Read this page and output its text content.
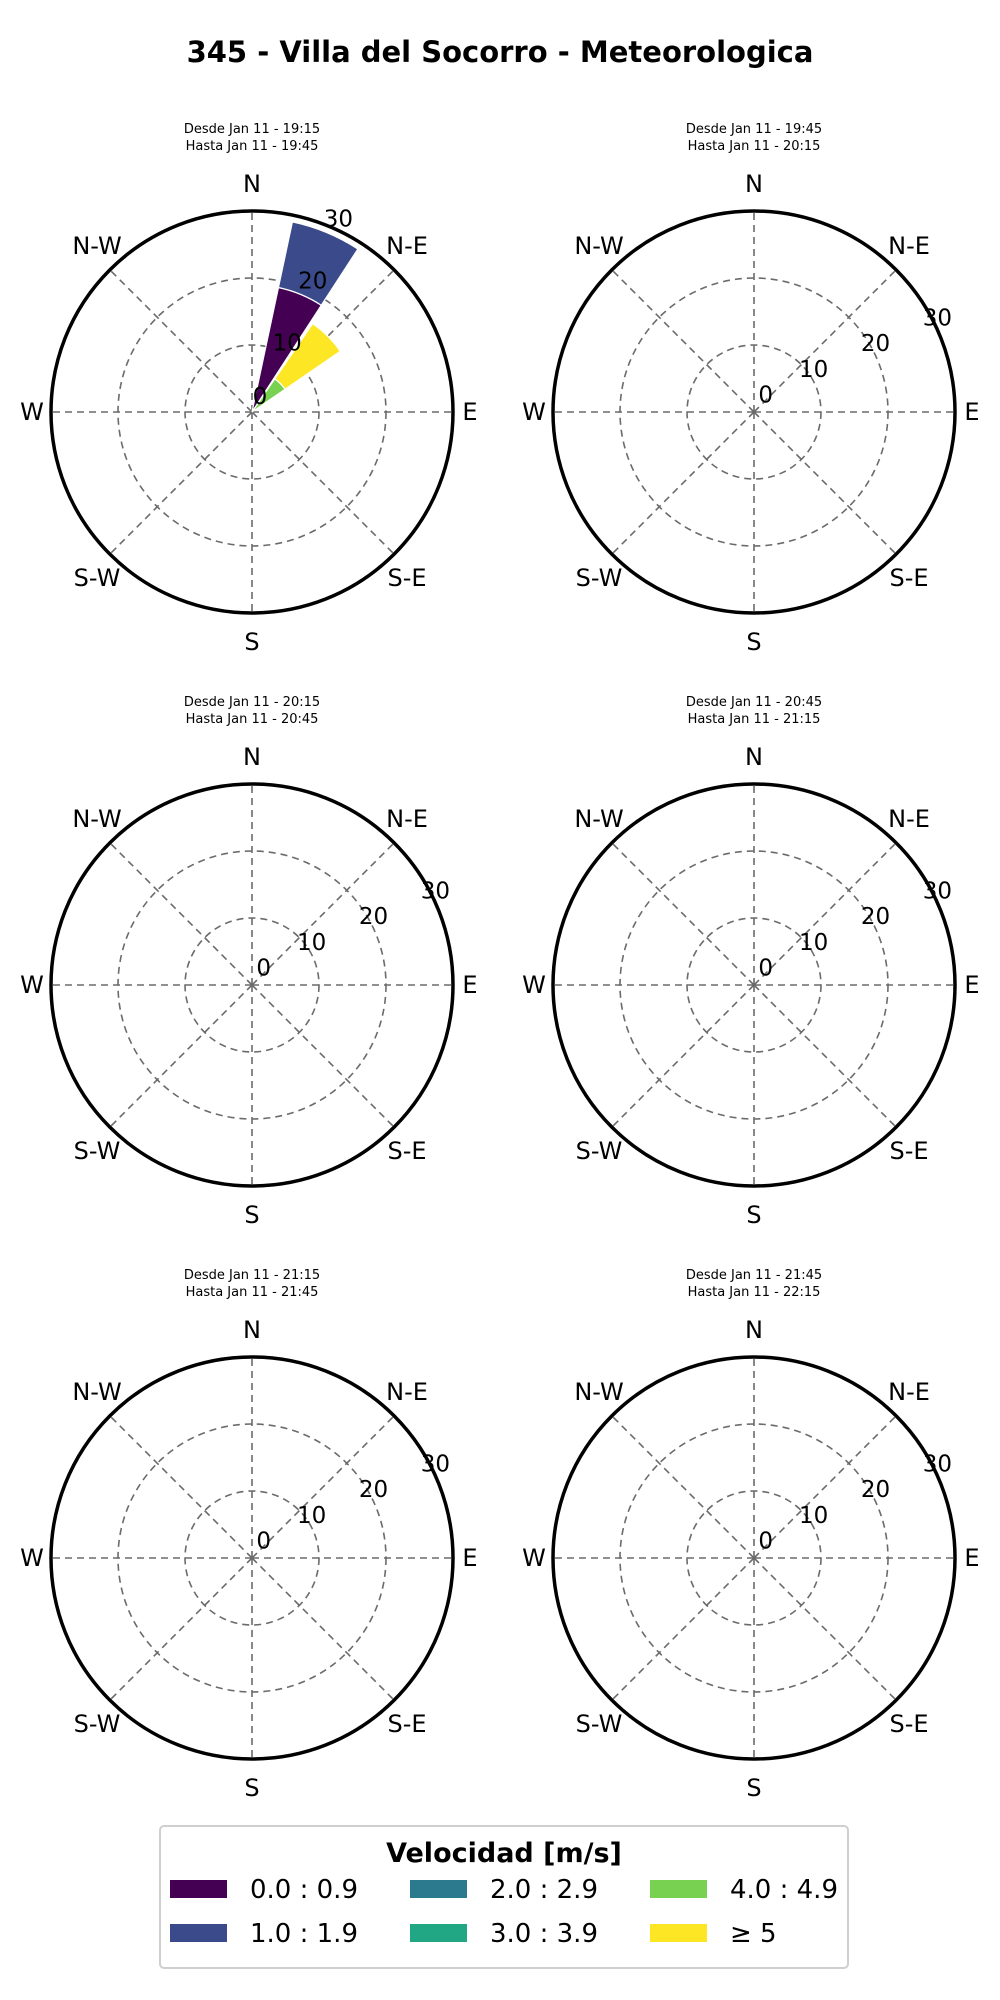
345 - Villa del Socorro - Meteorologica
Desde Jan 11 - 19:15
Hasta Jan 11 - 19:45
N
N-E
E
S-E
S
S-W
W
N-W
0
10
20
30
Desde Jan 11 - 19:45
Hasta Jan 11 - 20:15
N
N-E
E
S-E
S
S-W
W
N-W
0
10
20
30
Desde Jan 11 - 20:15
Hasta Jan 11 - 20:45
N
N-E
E
S-E
S
S-W
W
N-W
0
10
20
30
Desde Jan 11 - 20:45
Hasta Jan 11 - 21:15
N
N-E
E
S-E
S
S-W
W
N-W
0
10
20
30
Desde Jan 11 - 21:15
Hasta Jan 11 - 21:45
N
N-E
E
S-E
S
S-W
W
N-W
0
10
20
30
Desde Jan 11 - 21:45
Hasta Jan 11 - 22:15
N
N-E
E
S-E
S
S-W
W
N-W
0
10
20
30
Velocidad [m/s]
0.0 : 0.9
1.0 : 1.9
2.0 : 2.9
3.0 : 3.9
4.0 : 4.9
≥ 5
